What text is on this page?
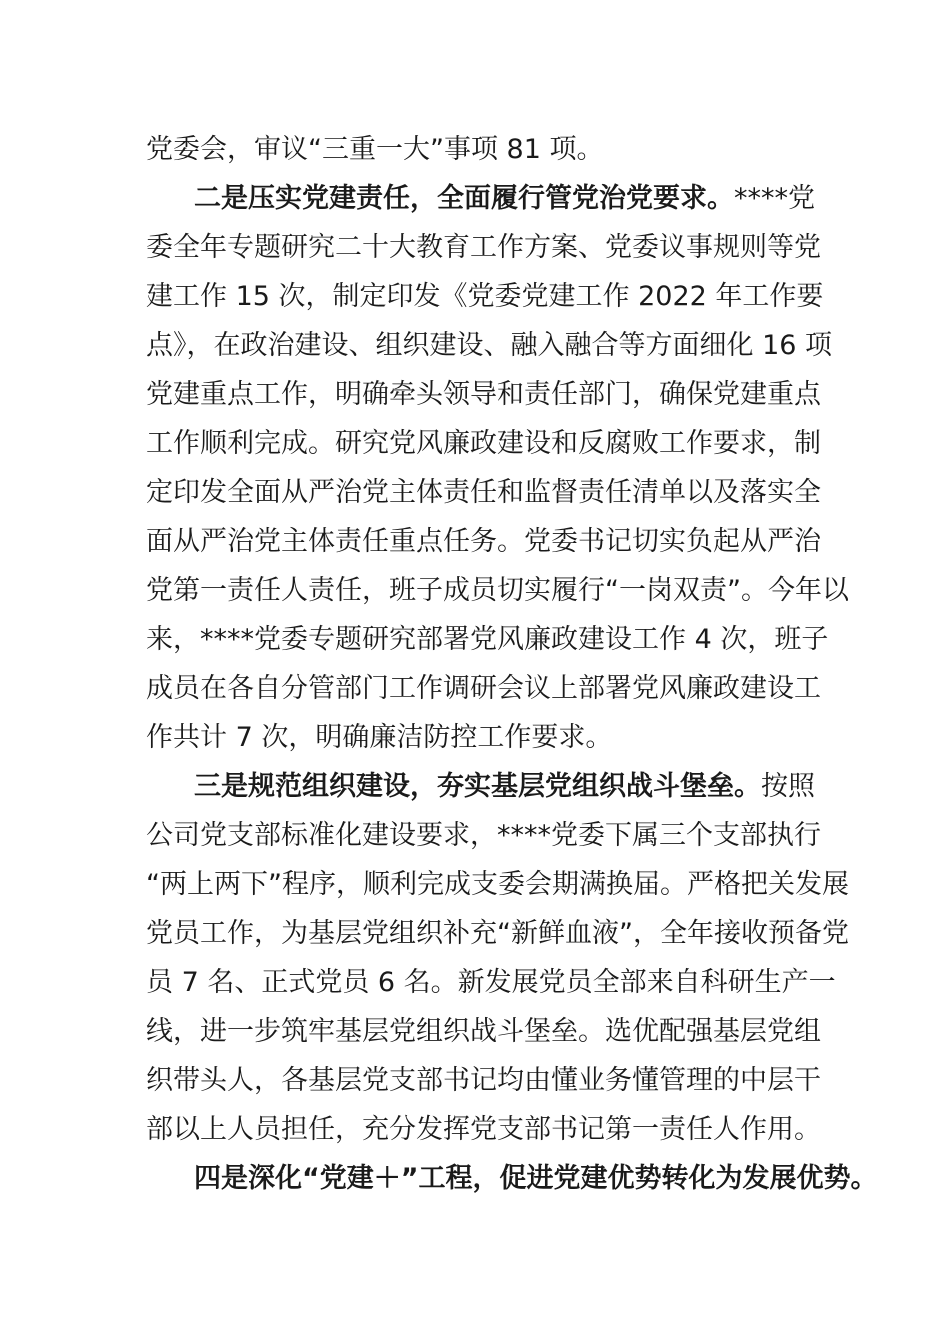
党委会，审议“三重一大”事项 81 项。
二是压实党建责任，全面履行管党治党要求。****党
委全年专题研究二十大教育工作方案、党委议事规则等党
建工作 15 次，制定印发《党委党建工作 2022 年工作要
点》，在政治建设、组织建设、融入融合等方面细化 16 项
党建重点工作，明确牵头领导和责任部门，确保党建重点
工作顺利完成。研究党风廉政建设和反腐败工作要求，制
定印发全面从严治党主体责任和监督责任清单以及落实全
面从严治党主体责任重点任务。党委书记切实负起从严治
党第一责任人责任，班子成员切实履行“一岗双责”。今年以
来，****党委专题研究部署党风廉政建设工作 4 次，班子
成员在各自分管部门工作调研会议上部署党风廉政建设工
作共计 7 次，明确廉洁防控工作要求。
三是规范组织建设，夯实基层党组织战斗堡垒。按照
公司党支部标准化建设要求，****党委下属三个支部执行
“两上两下”程序，顺利完成支委会期满换届。严格把关发展
党员工作，为基层党组织补充“新鲜血液”，全年接收预备党
员 7 名、正式党员 6 名。新发展党员全部来自科研生产一
线，进一步筑牢基层党组织战斗堡垒。选优配强基层党组
织带头人，各基层党支部书记均由懂业务懂管理的中层干
部以上人员担任，充分发挥党支部书记第一责任人作用。
四是深化“党建＋”工程，促进党建优势转化为发展优势。
